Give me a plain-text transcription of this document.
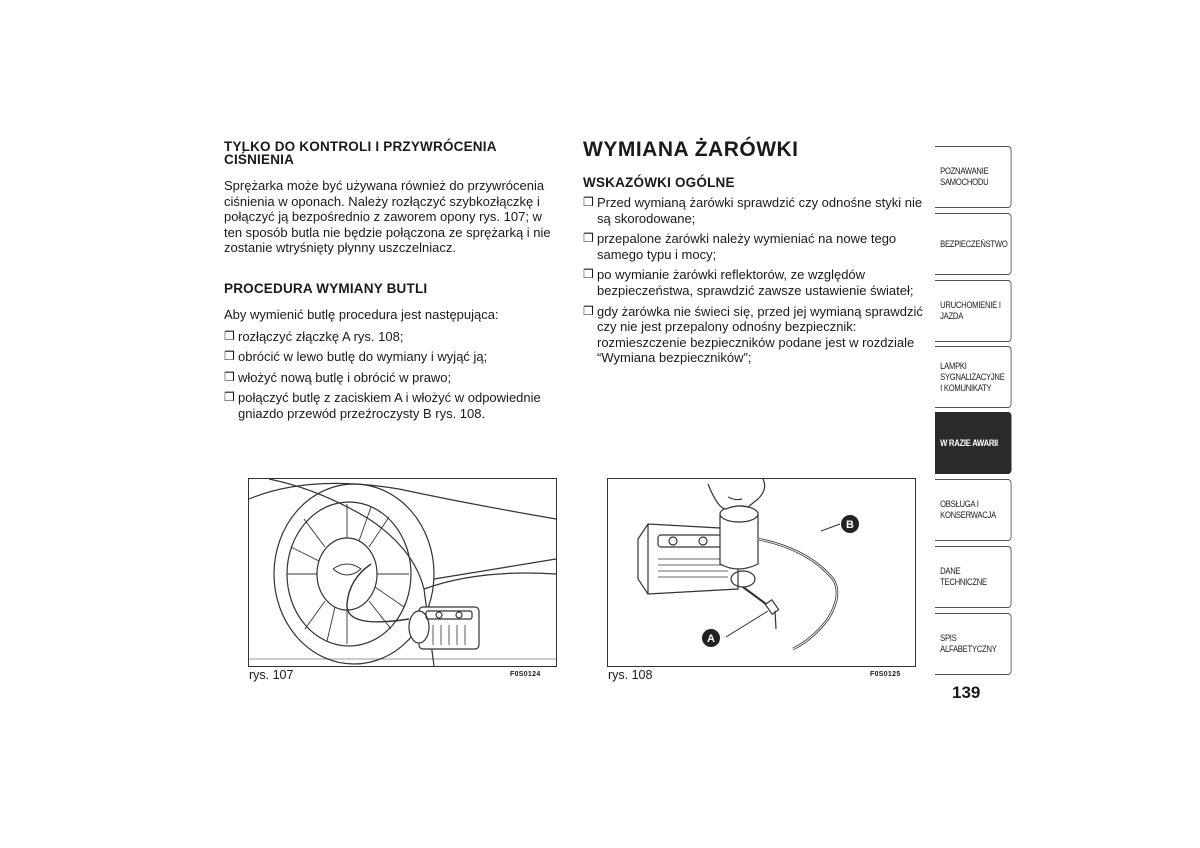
TYLKO DO KONTROLI I PRZYWRÓCENIA CIŚNIENIA

Sprężarka może być używana również do przywrócenia ciśnienia w oponach. Należy rozłączyć szybkozłączkę i połączyć ją bezpośrednio z zaworem opony rys. 107; w ten sposób butla nie będzie połączona ze sprężarką i nie zostanie wtryśnięty płynny uszczelniacz.

PROCEDURA WYMIANY BUTLI

Aby wymienić butlę procedura jest następująca:

❒ rozłączyć złączkę A rys. 108;
❒ obrócić w lewo butlę do wymiany i wyjąć ją;
❒ włożyć nową butlę i obrócić w prawo;
❒ połączyć butlę z zaciskiem A i włożyć w odpowiednie gniazdo przewód przeźroczysty B rys. 108.
WYMIANA ŻARÓWKI
WSKAZÓWKI OGÓLNE
❒ Przed wymianą żarówki sprawdzić czy odnośne styki nie są skorodowane;
❒ przepalone żarówki należy wymieniać na nowe tego samego typu i mocy;
❒ po wymianie żarówki reflektorów, ze względów bezpieczeństwa, sprawdzić zawsze ustawienie świateł;
❒ gdy żarówka nie świeci się, przed jej wymianą sprawdzić czy nie jest przepalony odnośny bezpiecznik: rozmieszczenie bezpieczników podane jest w rozdziale “Wymiana bezpieczników”;
rys. 107	F0S0124
A
B
rys. 108	F0S0125
POZNAWANIE SAMOCHODU
BEZPIECZEŃSTWO
URUCHOMIENIE I JAZDA
LAMPKI SYGNALIZACYJNE I KOMUNIKATY
W RAZIE AWARII
OBSŁUGA I KONSERWACJA
DANE TECHNICZNE
SPIS ALFABETYCZNY
139
